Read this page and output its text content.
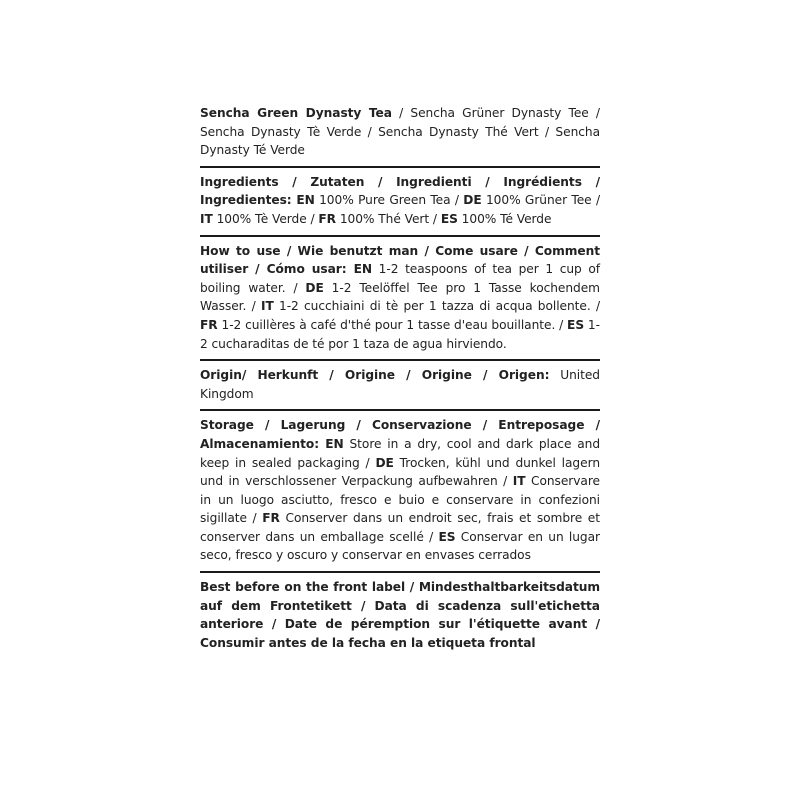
Sencha Green Dynasty Tea / Sencha Grüner Dynasty Tee / Sencha Dynasty Tè Verde / Sencha Dynasty Thé Vert / Sencha Dynasty Té Verde
Ingredients / Zutaten / Ingredienti / Ingrédients / Ingredientes: EN 100% Pure Green Tea / DE 100% Grüner Tee / IT 100% Tè Verde / FR 100% Thé Vert / ES 100% Té Verde
How to use / Wie benutzt man / Come usare / Comment utiliser / Cómo usar: EN 1-2 teaspoons of tea per 1 cup of boiling water. / DE 1-2 Teelöffel Tee pro 1 Tasse kochendem Wasser. / IT 1-2 cucchiaini di tè per 1 tazza di acqua bollente. / FR 1-2 cuillères à café d'thé pour 1 tasse d'eau bouillante. / ES 1-2 cucharaditas de té por 1 taza de agua hirviendo.
Origin/ Herkunft / Origine / Origine / Origen: United Kingdom
Storage / Lagerung / Conservazione / Entreposage / Almacenamiento: EN Store in a dry, cool and dark place and keep in sealed packaging / DE Trocken, kühl und dunkel lagern und in verschlossener Verpackung aufbewahren / IT Conservare in un luogo asciutto, fresco e buio e conservare in confezioni sigillate / FR Conserver dans un endroit sec, frais et sombre et conserver dans un emballage scellé / ES Conservar en un lugar seco, fresco y oscuro y conservar en envases cerrados
Best before on the front label / Mindesthaltbarkeitsdatum auf dem Frontetikett / Data di scadenza sull'etichetta anteriore / Date de péremption sur l'étiquette avant / Consumir antes de la fecha en la etiqueta frontal
